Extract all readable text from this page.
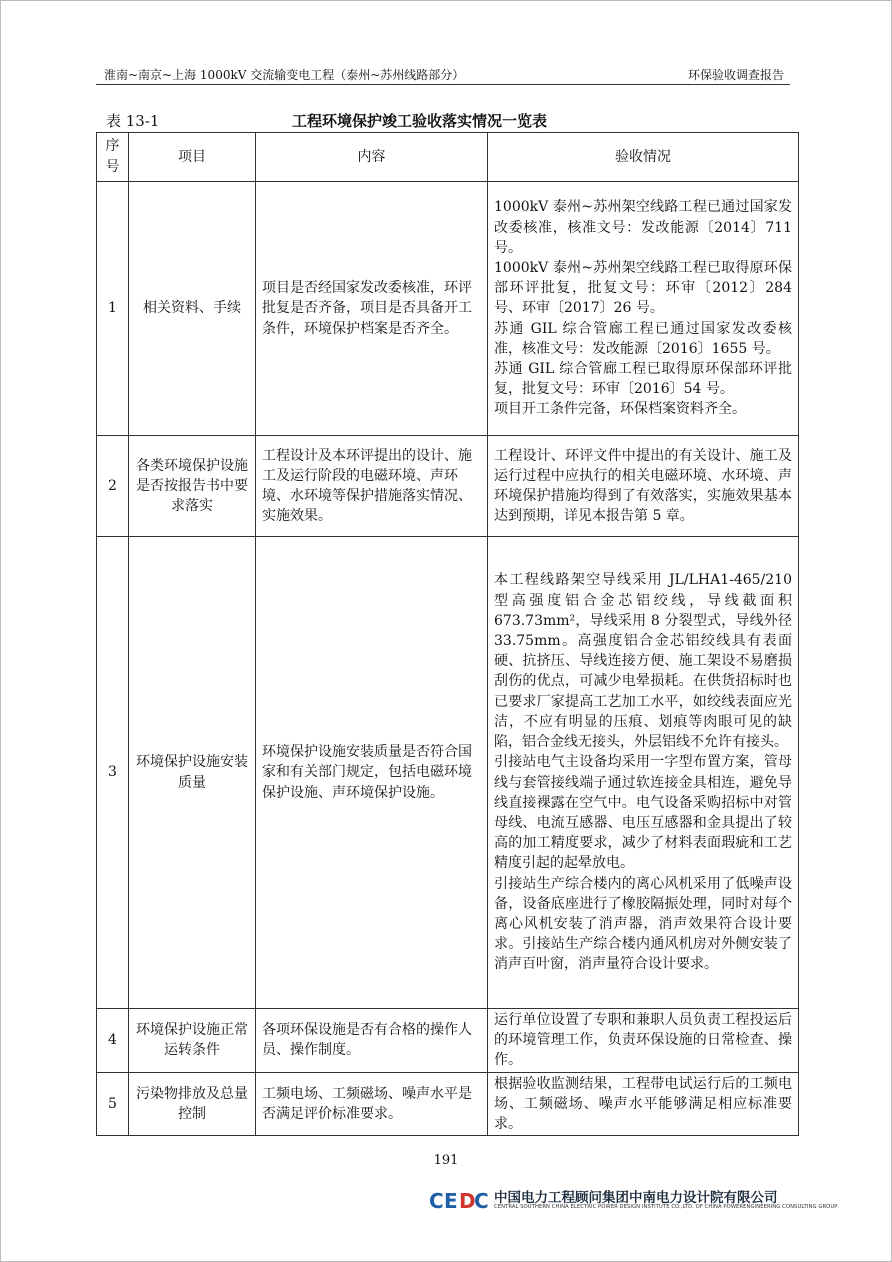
淮南~南京~上海 1000kV 交流输变电工程（泰州~苏州线路部分）	环保验收调查报告
表 13-1	工程环境保护竣工验收落实情况一览表
序号	项目	内容	验收情况
1	相关资料、手续	项目是否经国家发改委核准，环评批复是否齐备，项目是否具备开工条件，环境保护档案是否齐全。	1000kV 泰州~苏州架空线路工程已通过国家发改委核准，核准文号：发改能源〔2014〕711 号。

1000kV 泰州~苏州架空线路工程已取得原环保部环评批复，批复文号：环审〔2012〕284 号、环审〔2017〕26 号。

苏通 GIL 综合管廊工程已通过国家发改委核准，核准文号：发改能源〔2016〕1655 号。

苏通 GIL 综合管廊工程已取得原环保部环评批复，批复文号：环审〔2016〕54 号。

项目开工条件完备，环保档案资料齐全。

2	各类环境保护设施是否按报告书中要求落实	工程设计及本环评提出的设计、施工及运行阶段的电磁环境、声环境、水环境等保护措施落实情况、实施效果。	工程设计、环评文件中提出的有关设计、施工及运行过程中应执行的相关电磁环境、水环境、声环境保护措施均得到了有效落实，实施效果基本达到预期，详见本报告第 5 章。

3	环境保护设施安装质量	环境保护设施安装质量是否符合国家和有关部门规定，包括电磁环境保护设施、声环境保护设施。	本工程线路架空导线采用 JL/LHA1-465/210 型高强度铝合金芯铝绞线，导线截面积 673.73mm²，导线采用 8 分裂型式，导线外径 33.75mm。高强度铝合金芯铝绞线具有表面硬、抗挤压、导线连接方便、施工架设不易磨损刮伤的优点，可减少电晕损耗。在供货招标时也已要求厂家提高工艺加工水平，如绞线表面应光洁，不应有明显的压痕、划痕等肉眼可见的缺陷，铝合金线无接头，外层铝线不允许有接头。

引接站电气主设备均采用一字型布置方案，管母线与套管接线端子通过软连接金具相连，避免导线直接裸露在空气中。电气设备采购招标中对管母线、电流互感器、电压互感器和金具提出了较高的加工精度要求，减少了材料表面瑕疵和工艺精度引起的起晕放电。

引接站生产综合楼内的离心风机采用了低噪声设备，设备底座进行了橡胶隔振处理，同时对每个离心风机安装了消声器，消声效果符合设计要求。引接站生产综合楼内通风机房对外侧安装了消声百叶窗，消声量符合设计要求。

4	环境保护设施正常运转条件	各项环保设施是否有合格的操作人员、操作制度。	运行单位设置了专职和兼职人员负责工程投运后的环境管理工作，负责环保设施的日常检查、操作。

5	污染物排放及总量控制	工频电场、工频磁场、噪声水平是否满足评价标准要求。	根据验收监测结果，工程带电试运行后的工频电场、工频磁场、噪声水平能够满足相应标准要求。

191
C E D
C 中国电力工程顾问集团中南电力设计院有限公司
CENTRAL SOUTHERN CHINA ELECTRIC POWER DESIGN INSTITUTE CO.,LTD. OF CHINA POWERENGINEERING CONSULTING GROUP
